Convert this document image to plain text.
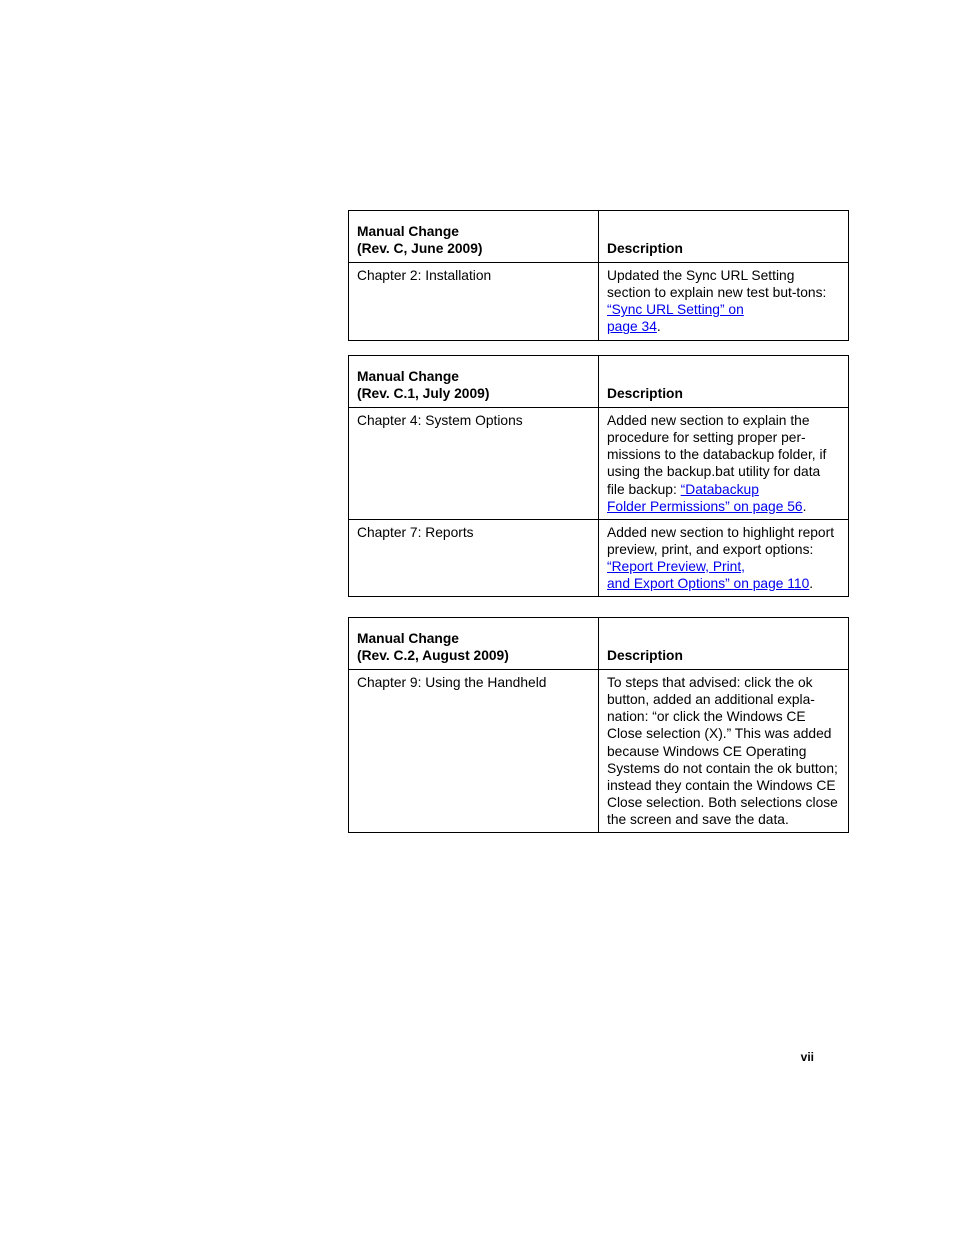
Manual Change
(Rev. C, June 2009)	Description
Chapter 2: Installation	Updated the Sync URL Setting section to explain new test but-tons: “Sync URL Setting” on
page 34.
Manual Change
(Rev. C.1, July 2009)	Description
Chapter 4: System Options	Added new section to explain the procedure for setting proper per-missions to the databackup folder, if using the backup.bat utility for data file backup: “Databackup
Folder Permissions” on page 56.
Chapter 7: Reports	Added new section to highlight report preview, print, and export options: “Report Preview, Print,
and Export Options” on page 110.
Manual Change
(Rev. C.2, August 2009)	Description
Chapter 9: Using the Handheld	To steps that advised: click the ok button, added an additional expla-nation: “or click the Windows CE Close selection (X).” This was added because Windows CE Operating Systems do not contain the ok button; instead they contain the Windows CE Close selection. Both selections close the screen and save the data.
vii
